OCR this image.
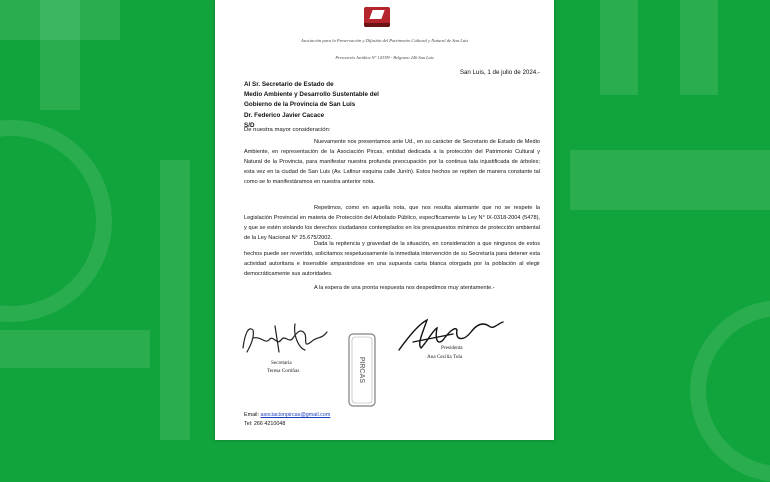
Asociación para la Preservación y Difusión del Patrimonio Cultural y Natural de San Luis
Personería Jurídica N° 143/99 - Belgrano 246 San Luis
San Luis, 1 de julio de 2024.-
Al Sr. Secretario de Estado de
Medio Ambiente y Desarrollo Sustentable del
Gobierno de la Provincia de San Luis
Dr. Federico Javier Cacace
S/D
De nuestra mayor consideración:

Nuevamente nos presentamos ante Ud., en su carácter de Secretario de Estado de Medio Ambiente, en representación de la Asociación Pircas, entidad dedicada a la protección del Patrimonio Cultural y Natural de la Provincia, para manifestar nuestra profunda preocupación por la continua tala injustificada de árboles; esta vez en la ciudad de San Luis (Av. Lafinur esquina calle Junín). Estos hechos se repiten de manera constante tal como se lo manifestáramos en nuestra anterior nota.

Repetimos, como en aquella nota, que nos resulta alarmante que no se respete la Legislación Provincial en materia de Protección del Arbolado Público, específicamente la Ley N° IX-0318-2004 (5478), y que se estén violando los derechos ciudadanos contemplados en los presupuestos mínimos de protección ambiental de la Ley Nacional N° 25.675/2002.

Dada la repitencia y gravedad de la situación, en consideración a que ningunos de estos hechos puede ser revertido, solicitamos respetuosamente la inmediata intervención de su Secretaría para detener esta actividad autoritaria e insensible amparándose en una supuesta carta blanca otorgada por la población al elegir democráticamente sus autoridades.

A la espera de una pronta respuesta nos despedimos muy atentamente.-

Secretaria
Teresa Cortiñas	PIRCAS
Presidenta
Ana Cecilia Tula
Email: asociacionpircas@gmail.com
Tel: 266 4210048
